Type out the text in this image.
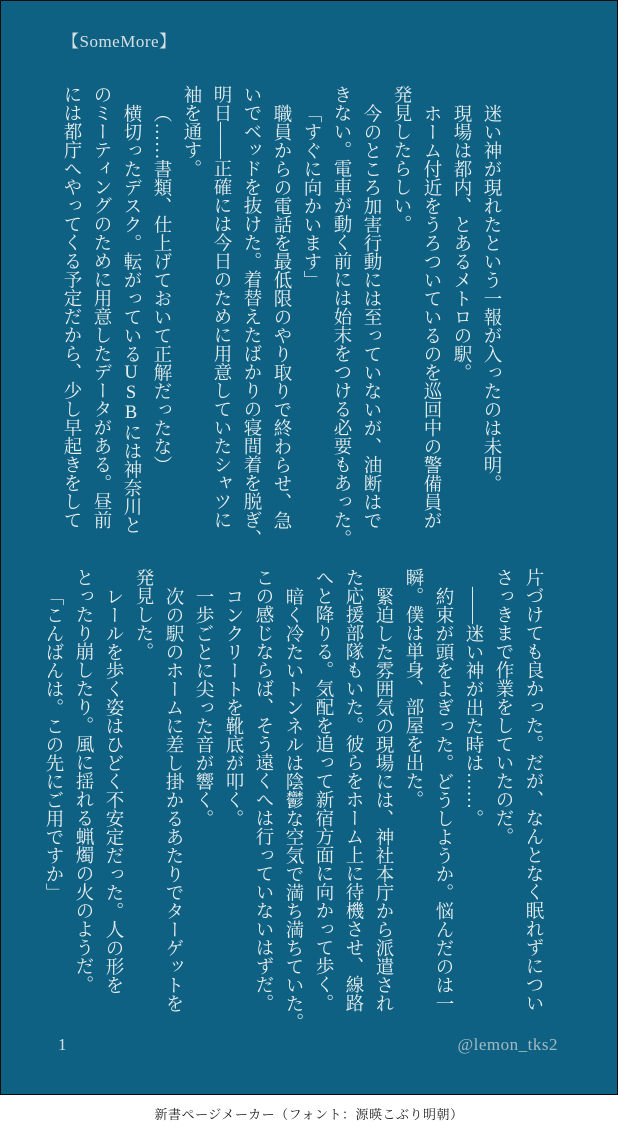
【SomeMore】
迷い神が現れたという一報が入ったのは未明。
現場は都内、とあるメトロの駅。
ホーム付近をうろついているのを巡回中の警備員が
発見したらしい。
今のところ加害行動には至っていないが、油断はで
きない。電車が動く前には始末をつける必要もあった。
「すぐに向かいます」
職員からの電話を最低限のやり取りで終わらせ、急
いでベッドを抜けた。着替えたばかりの寝間着を脱ぎ、
明日——正確には今日のために用意していたシャツに
袖を通す。
（……書類、仕上げておいて正解だったな）
横切ったデスク。転がっているUSBには神奈川と
のミーティングのために用意したデータがある。昼前
には都庁へやってくる予定だから、少し早起きをして
片づけても良かった。だが、なんとなく眠れずについ
さっきまで作業をしていたのだ。
——迷い神が出た時は……。
約束が頭をよぎった。どうしようか。悩んだのは一
瞬。僕は単身、部屋を出た。
緊迫した雰囲気の現場には、神社本庁から派遣され
た応援部隊もいた。彼らをホーム上に待機させ、線路
へと降りる。気配を追って新宿方面に向かって歩く。
暗く冷たいトンネルは陰鬱な空気で満ち満ちていた。
この感じならば、そう遠くへは行っていないはずだ。
コンクリートを靴底が叩く。
一歩ごとに尖った音が響く。
次の駅のホームに差し掛かるあたりでターゲットを
発見した。
レールを歩く姿はひどく不安定だった。人の形を
とったり崩したり。風に揺れる蝋燭の火のようだ。
「こんばんは。この先にご用ですか」
1	@lemon_tks2
新書ページメーカー（フォント：源暎こぶり明朝）
